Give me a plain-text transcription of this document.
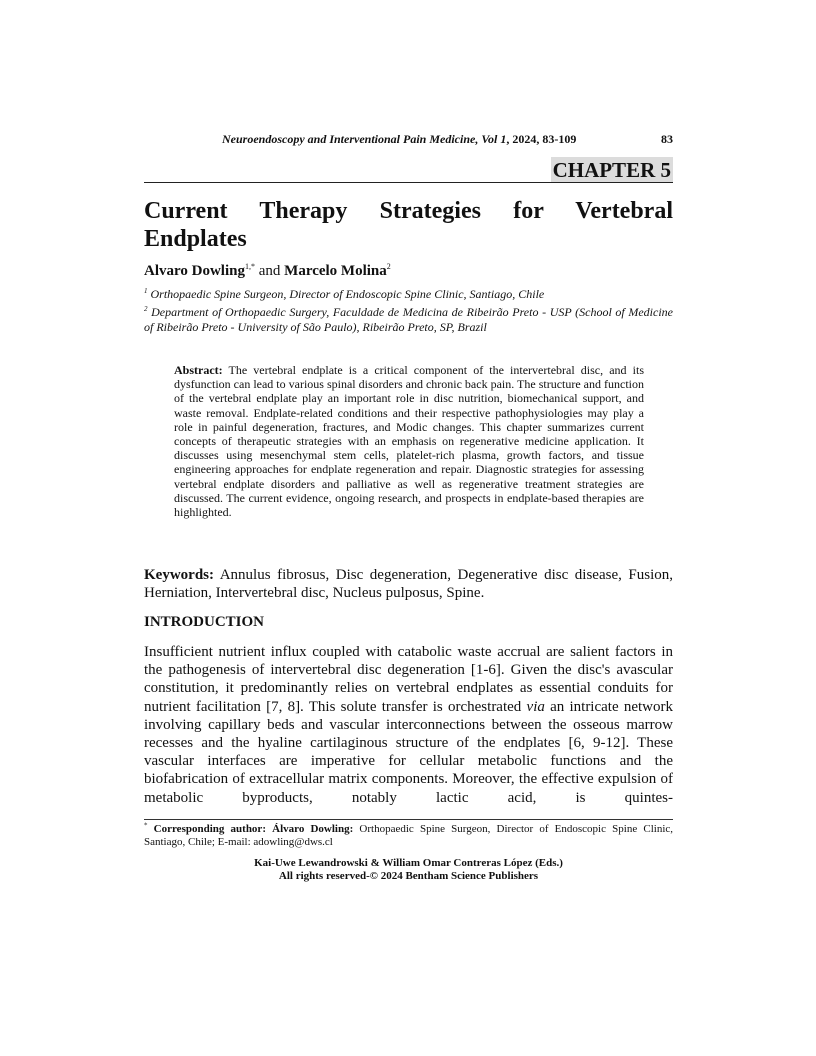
Neuroendoscopy and Interventional Pain Medicine, Vol 1, 2024, 83-109	83
CHAPTER 5
Current Therapy Strategies for Vertebral
Endplates
Alvaro Dowling$^{1,*}$ and Marcelo Molina$^2$
$^1$ Orthopaedic Spine Surgeon, Director of Endoscopic Spine Clinic, Santiago, Chile
$^2$ Department of Orthopaedic Surgery, Faculdade de Medicina de Ribeirão Preto - USP (School of Medicine of Ribeirão Preto - University of São Paulo), Ribeirão Preto, SP, Brazil
Abstract: The vertebral endplate is a critical component of the intervertebral disc, and its dysfunction can lead to various spinal disorders and chronic back pain. The structure and function of the vertebral endplate play an important role in disc nutrition, biomechanical support, and waste removal. Endplate-related conditions and their respective pathophysiologies may play a role in painful degeneration, fractures, and Modic changes. This chapter summarizes current concepts of therapeutic strategies with an emphasis on regenerative medicine application. It discusses using mesenchymal stem cells, platelet-rich plasma, growth factors, and tissue engineering approaches for endplate regeneration and repair. Diagnostic strategies for assessing vertebral endplate disorders and palliative as well as regenerative treatment strategies are discussed. The current evidence, ongoing research, and prospects in endplate-based therapies are highlighted.
Keywords: Annulus fibrosus, Disc degeneration, Degenerative disc disease, Fusion, Herniation, Intervertebral disc, Nucleus pulposus, Spine.
INTRODUCTION
Insufficient nutrient influx coupled with catabolic waste accrual are salient factors in the pathogenesis of intervertebral disc degeneration [1-6]. Given the disc's avascular constitution, it predominantly relies on vertebral endplates as essential conduits for nutrient facilitation [7, 8]. This solute transfer is orchestrated via an intricate network involving capillary beds and vascular interconnections between the osseous marrow recesses and the hyaline cartilaginous structure of the endplates [6, 9-12]. These vascular interfaces are imperative for cellular metabolic functions and the biofabrication of extracellular matrix components. Moreover, the effective expulsion of metabolic byproducts, notably lactic acid, is quintes-
* Corresponding author: Álvaro Dowling: Orthopaedic Spine Surgeon, Director of Endoscopic Spine Clinic, Santiago, Chile; E-mail: adowling@dws.cl
Kai-Uwe Lewandrowski & William Omar Contreras López (Eds.)
All rights reserved-© 2024 Bentham Science Publishers
